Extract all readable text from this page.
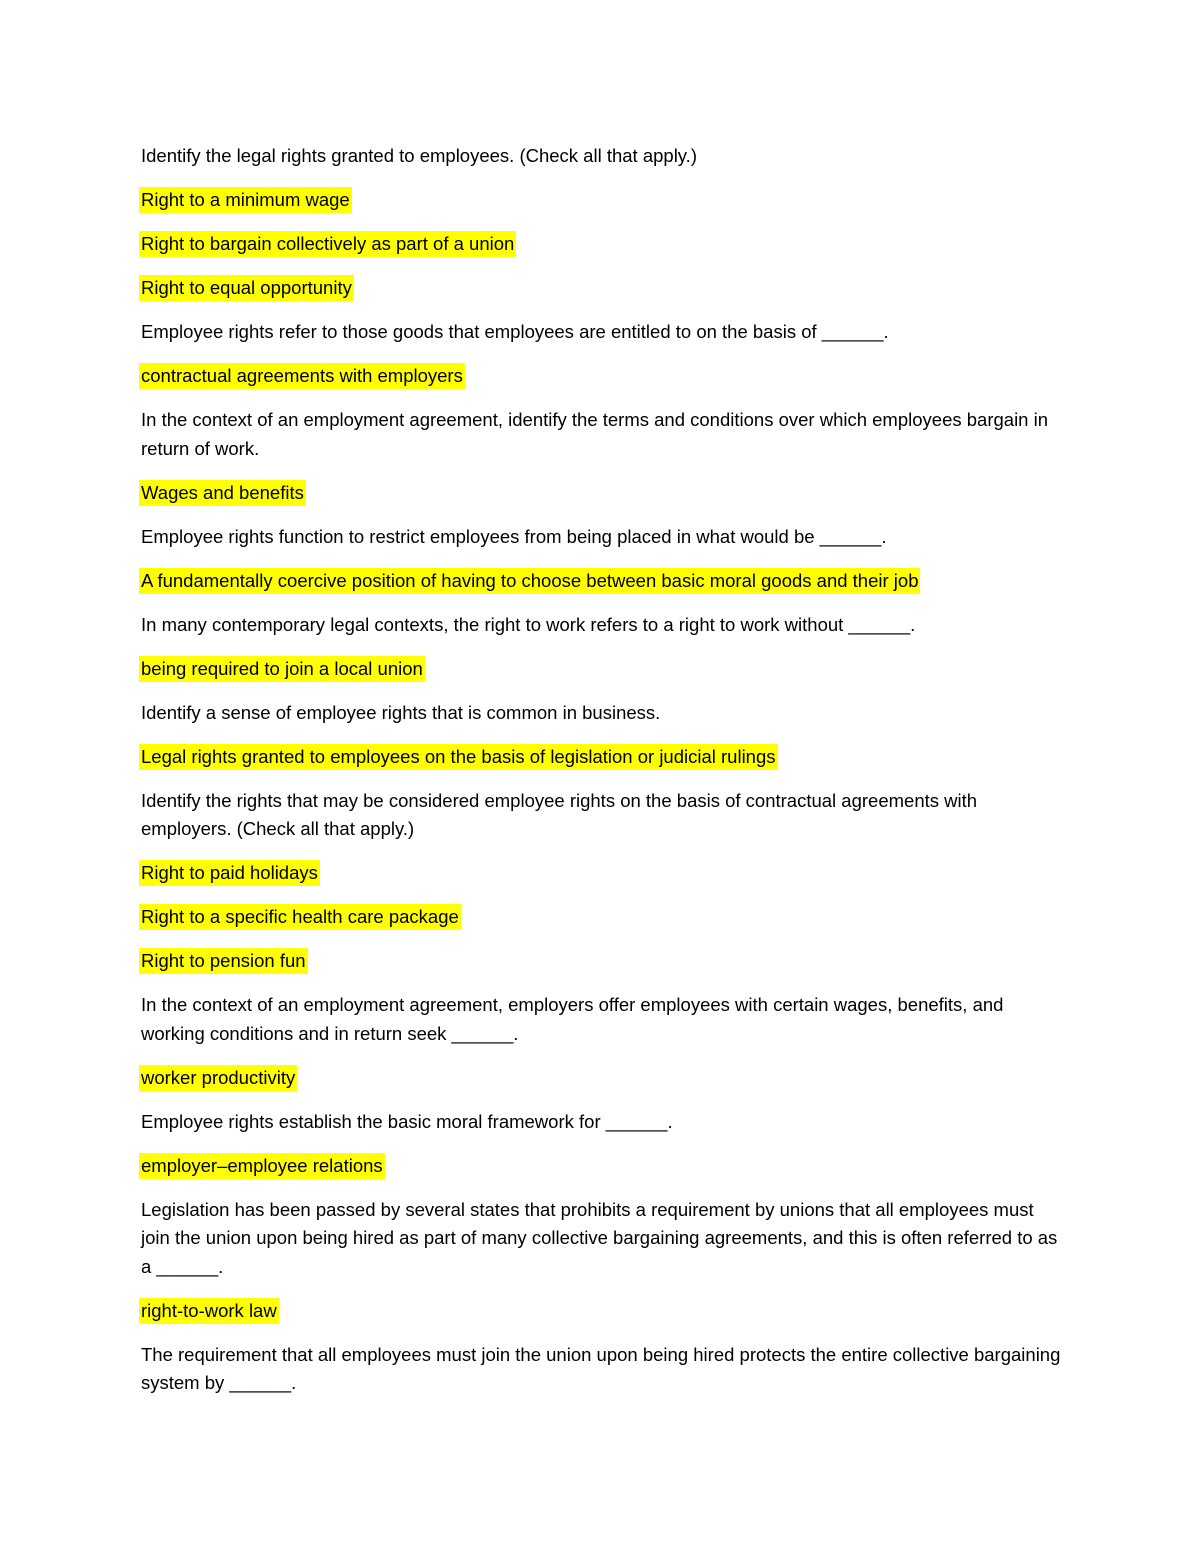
Identify the legal rights granted to employees. (Check all that apply.)

Right to a minimum wage

Right to bargain collectively as part of a union

Right to equal opportunity

Employee rights refer to those goods that employees are entitled to on the basis of ______.

contractual agreements with employers

In the context of an employment agreement, identify the terms and conditions over which employees bargain in return of work.

Wages and benefits

Employee rights function to restrict employees from being placed in what would be ______.

A fundamentally coercive position of having to choose between basic moral goods and their job

In many contemporary legal contexts, the right to work refers to a right to work without ______.

being required to join a local union

Identify a sense of employee rights that is common in business.

Legal rights granted to employees on the basis of legislation or judicial rulings

Identify the rights that may be considered employee rights on the basis of contractual agreements with employers. (Check all that apply.)

Right to paid holidays

Right to a specific health care package

Right to pension fun

In the context of an employment agreement, employers offer employees with certain wages, benefits, and working conditions and in return seek ______.

worker productivity

Employee rights establish the basic moral framework for ______.

employer–employee relations

Legislation has been passed by several states that prohibits a requirement by unions that all employees must join the union upon being hired as part of many collective bargaining agreements, and this is often referred to as a ______.

right-to-work law

The requirement that all employees must join the union upon being hired protects the entire collective bargaining system by ______.
